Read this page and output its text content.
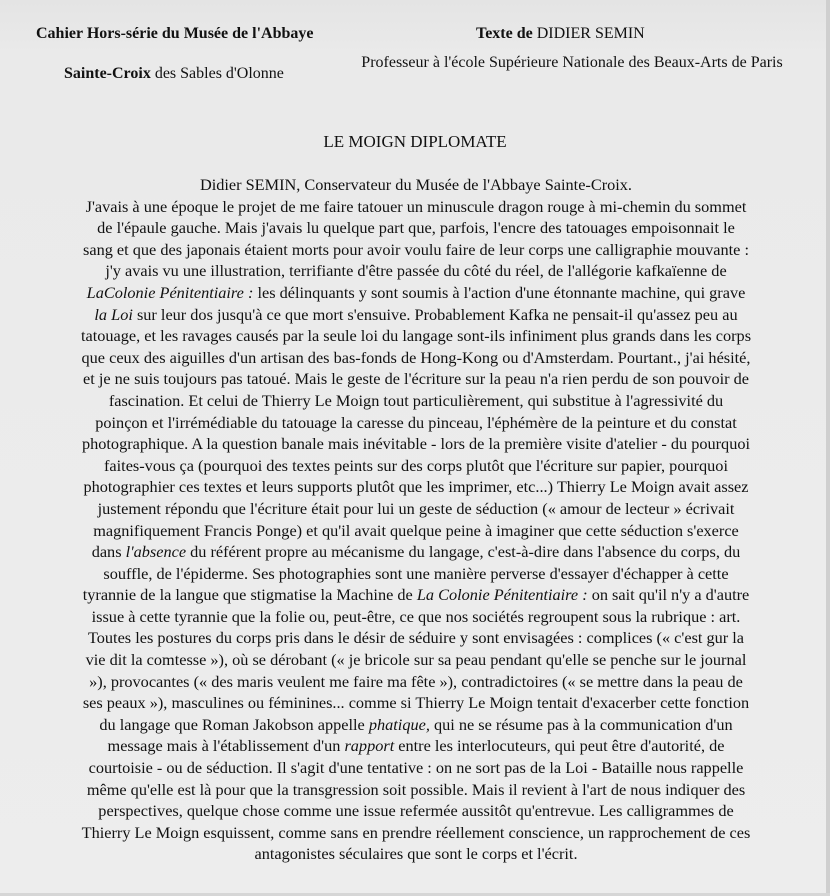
Cahier Hors-série du Musée de l'Abbaye	Texte de DIDIER SEMIN
Sainte-Croix des Sables d'Olonne
Professeur à l'école Supérieure Nationale des Beaux-Arts de Paris
LE MOIGN DIPLOMATE
Didier SEMIN, Conservateur du Musée de l'Abbaye Sainte-Croix.
J'avais à une époque le projet de me faire tatouer un minuscule dragon rouge à mi-chemin du sommet
de l'épaule gauche. Mais j'avais lu quelque part que, parfois, l'encre des tatouages empoisonnait le
sang et que des japonais étaient morts pour avoir voulu faire de leur corps une calligraphie mouvante :
j'y avais vu une illustration, terrifiante d'être passée du côté du réel, de l'allégorie kafkaïenne de
LaColonie Pénitentiaire : les délinquants y sont soumis à l'action d'une étonnante machine, qui grave
la Loi sur leur dos jusqu'à ce que mort s'ensuive. Probablement Kafka ne pensait-il qu'assez peu au
tatouage, et les ravages causés par la seule loi du langage sont-ils infiniment plus grands dans les corps
que ceux des aiguilles d'un artisan des bas-fonds de Hong-Kong ou d'Amsterdam. Pourtant., j'ai hésité,
et je ne suis toujours pas tatoué. Mais le geste de l'écriture sur la peau n'a rien perdu de son pouvoir de
fascination. Et celui de Thierry Le Moign tout particulièrement, qui substitue à l'agressivité du
poinçon et l'irrémédiable du tatouage la caresse du pinceau, l'éphémère de la peinture et du constat
photographique. A la question banale mais inévitable - lors de la première visite d'atelier - du pourquoi
faites-vous ça (pourquoi des textes peints sur des corps plutôt que l'écriture sur papier, pourquoi
photographier ces textes et leurs supports plutôt que les imprimer, etc...) Thierry Le Moign avait assez
justement répondu que l'écriture était pour lui un geste de séduction (« amour de lecteur » écrivait
magnifiquement Francis Ponge) et qu'il avait quelque peine à imaginer que cette séduction s'exerce
dans l'absence du référent propre au mécanisme du langage, c'est-à-dire dans l'absence du corps, du
souffle, de l'épiderme. Ses photographies sont une manière perverse d'essayer d'échapper à cette
tyrannie de la langue que stigmatise la Machine de La Colonie Pénitentiaire : on sait qu'il n'y a d'autre
issue à cette tyrannie que la folie ou, peut-être, ce que nos sociétés regroupent sous la rubrique : art.
Toutes les postures du corps pris dans le désir de séduire y sont envisagées : complices (« c'est gur la
vie dit la comtesse »), où se dérobant (« je bricole sur sa peau pendant qu'elle se penche sur le journal
»), provocantes (« des maris veulent me faire ma fête »), contradictoires (« se mettre dans la peau de
ses peaux »), masculines ou féminines... comme si Thierry Le Moign tentait d'exacerber cette fonction
du langage que Roman Jakobson appelle phatique, qui ne se résume pas à la communication d'un
message mais à l'établissement d'un rapport entre les interlocuteurs, qui peut être d'autorité, de
courtoisie - ou de séduction. Il s'agit d'une tentative : on ne sort pas de la Loi - Bataille nous rappelle
même qu'elle est là pour que la transgression soit possible. Mais il revient à l'art de nous indiquer des
perspectives, quelque chose comme une issue refermée aussitôt qu'entrevue. Les calligrammes de
Thierry Le Moign esquissent, comme sans en prendre réellement conscience, un rapprochement de ces
antagonistes séculaires que sont le corps et l'écrit.
